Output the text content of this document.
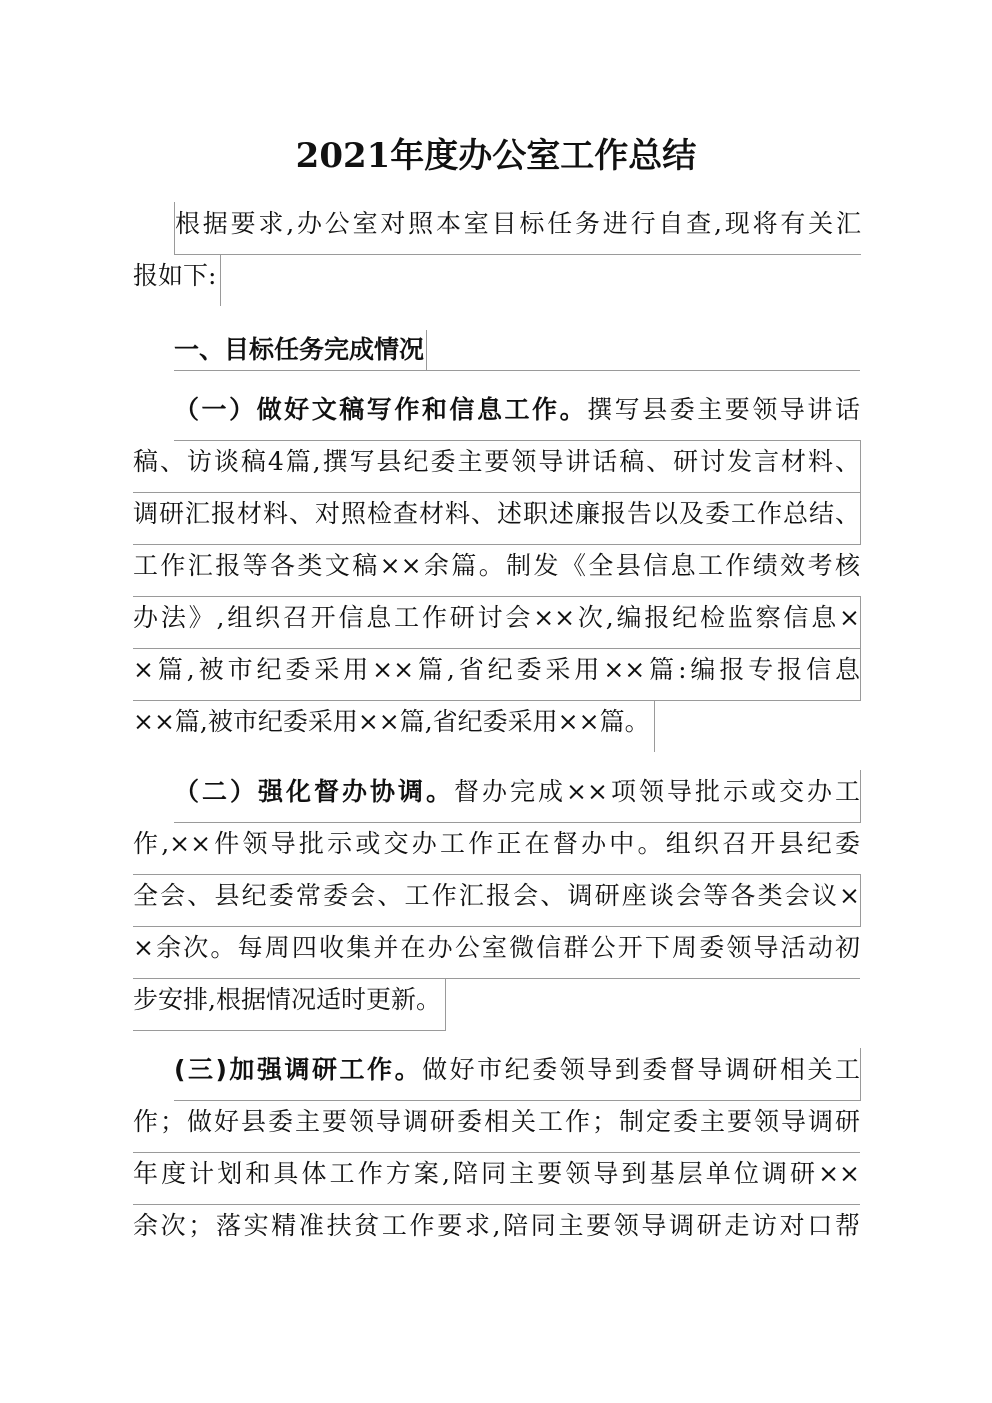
2021年度办公室工作总结
根据要求,办公室对照本室目标任务进行自查,现将有关汇
报如下:
一、目标任务完成情况
（一）做好文稿写作和信息工作。撰写县委主要领导讲话
稿、访谈稿4篇,撰写县纪委主要领导讲话稿、研讨发言材料、
调研汇报材料、对照检查材料、述职述廉报告以及委工作总结、
工作汇报等各类文稿××余篇。制发《全县信息工作绩效考核
办法》,组织召开信息工作研讨会××次,编报纪检监察信息×
×篇,被市纪委采用××篇,省纪委采用××篇:编报专报信息
××篇,被市纪委采用××篇,省纪委采用××篇。
（二）强化督办协调。督办完成××项领导批示或交办工
作,××件领导批示或交办工作正在督办中。组织召开县纪委
全会、县纪委常委会、工作汇报会、调研座谈会等各类会议×
×余次。每周四收集并在办公室微信群公开下周委领导活动初
步安排,根据情况适时更新。
(三)加强调研工作。做好市纪委领导到委督导调研相关工
作；做好县委主要领导调研委相关工作；制定委主要领导调研
年度计划和具体工作方案,陪同主要领导到基层单位调研××
余次；落实精准扶贫工作要求,陪同主要领导调研走访对口帮
